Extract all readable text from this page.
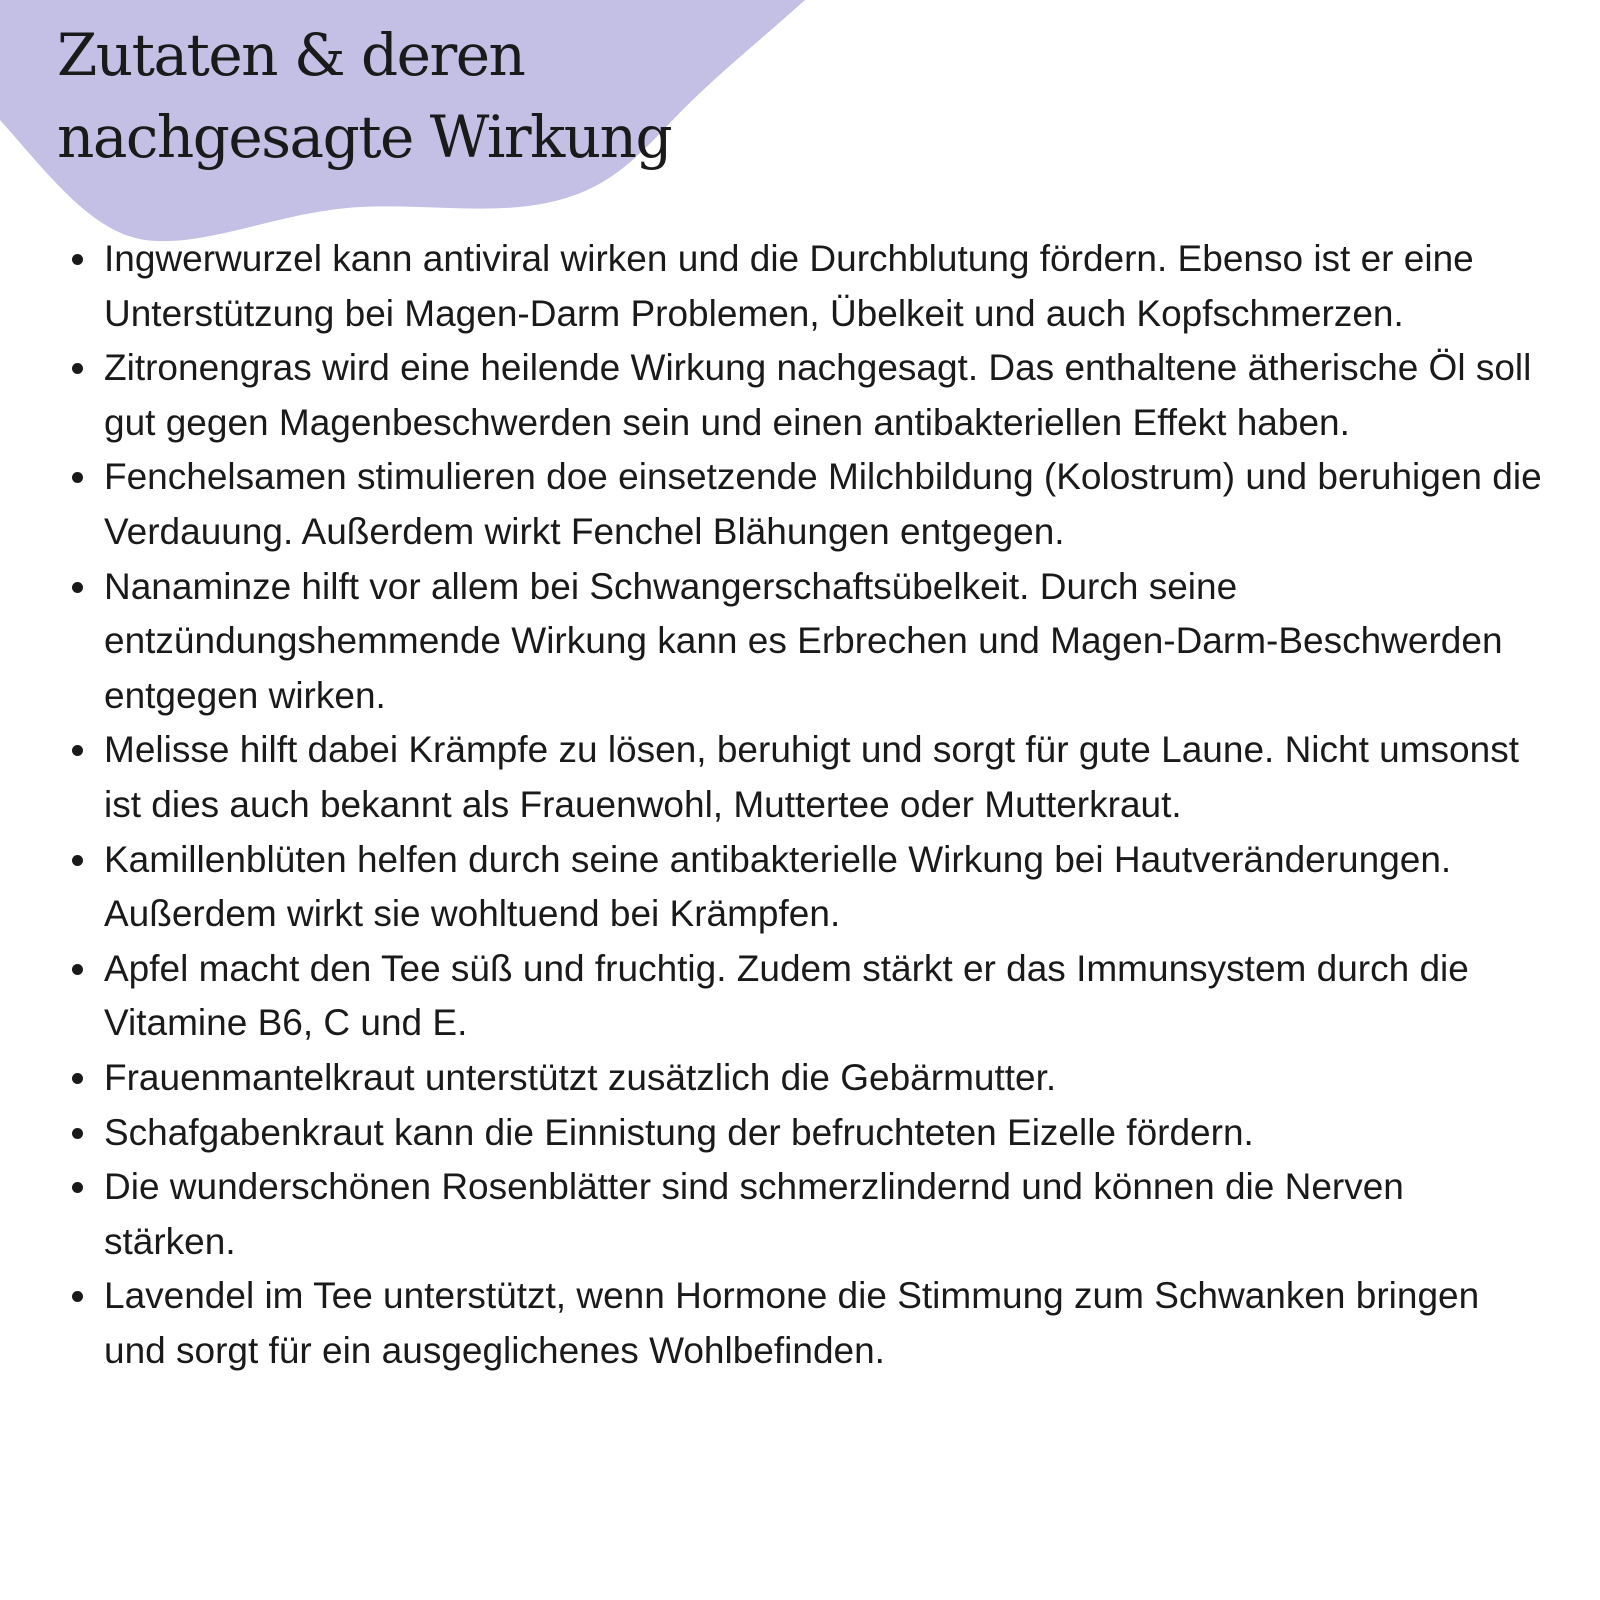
Zutaten & deren
nachgesagte Wirkung
Ingwerwurzel kann antiviral wirken und die Durchblutung fördern. Ebenso ist er eine Unterstützung bei Magen-Darm Problemen, Übelkeit und auch Kopfschmerzen.
Zitronengras wird eine heilende Wirkung nachgesagt. Das enthaltene ätherische Öl soll gut gegen Magenbeschwerden sein und einen antibakteriellen Effekt haben.
Fenchelsamen stimulieren doe einsetzende Milchbildung (Kolostrum) und beruhigen die Verdauung. Außerdem wirkt Fenchel Blähungen entgegen.
Nanaminze hilft vor allem bei Schwangerschaftsübelkeit. Durch seine entzündungshemmende Wirkung kann es Erbrechen und Magen-Darm-Beschwerden entgegen wirken.
Melisse hilft dabei Krämpfe zu lösen, beruhigt und sorgt für gute Laune. Nicht umsonst ist dies auch bekannt als Frauenwohl, Muttertee oder Mutterkraut.
Kamillenblüten helfen durch seine antibakterielle Wirkung bei Hautveränderungen. Außerdem wirkt sie wohltuend bei Krämpfen.
Apfel macht den Tee süß und fruchtig. Zudem stärkt er das Immunsystem durch die Vitamine B6, C und E.
Frauenmantelkraut unterstützt zusätzlich die Gebärmutter.
Schafgabenkraut kann die Einnistung der befruchteten Eizelle fördern.
Die wunderschönen Rosenblätter sind schmerzlindernd und können die Nerven stärken.
Lavendel im Tee unterstützt, wenn Hormone die Stimmung zum Schwanken bringen und sorgt für ein ausgeglichenes Wohlbefinden.
